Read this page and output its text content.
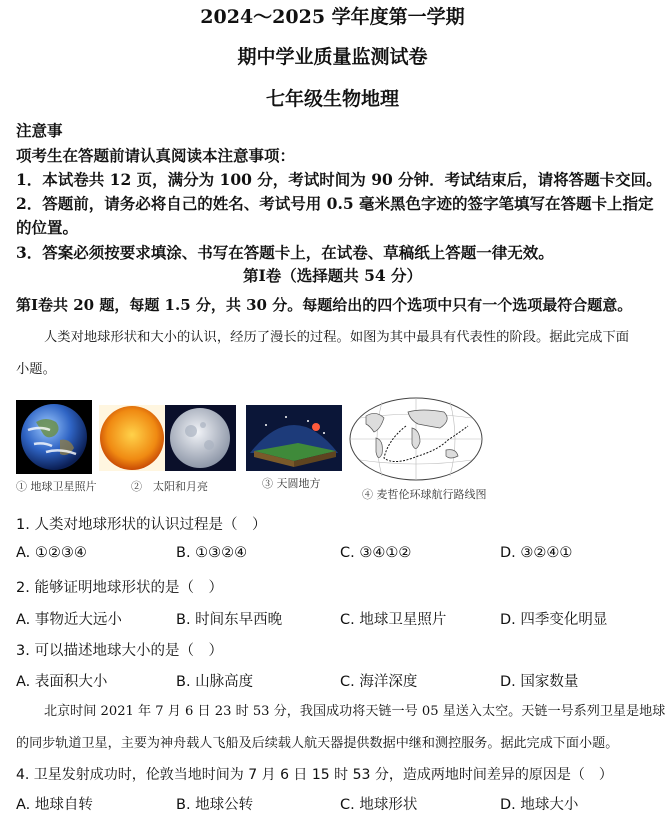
2024～2025 学年度第一学期
期中学业质量监测试卷
七年级生物地理
注意事
项考生在答题前请认真阅读本注意事项：
1．本试卷共 12 页，满分为 100 分，考试时间为 90 分钟．考试结束后，请将答题卡交回。
2．答题前，请务必将自己的姓名、考试号用 0.5 毫米黑色字迹的签字笔填写在答题卡上指定
的位置。
3．答案必须按要求填涂、书写在答题卡上，在试卷、草稿纸上答题一律无效。
第Ⅰ卷（选择题共 54 分）
第Ⅰ卷共 20 题，每题 1.5 分，共 30 分。每题给出的四个选项中只有一个选项最符合题意。
人类对地球形状和大小的认识，经历了漫长的过程。如图为其中最具有代表性的阶段。据此完成下面
小题。
① 地球卫星照片	②　太阳和月亮	③ 天圆地方
④ 麦哲伦环球航行路线图
1. 人类对地球形状的认识过程是（　）
A. ①②③④	B. ①③②④	C. ③④①②	D. ③②④①
2. 能够证明地球形状的是（　）
A. 事物近大远小	B. 时间东早西晚	C. 地球卫星照片	D. 四季变化明显
3. 可以描述地球大小的是（　）
A. 表面积大小	B. 山脉高度	C. 海洋深度	D. 国家数量
北京时间 2021 年 7 月 6 日 23 时 53 分，我国成功将天链一号 05 星送入太空。天链一号系列卫星是地球
的同步轨道卫星，主要为神舟载人飞船及后续载人航天器提供数据中继和测控服务。据此完成下面小题。
4. 卫星发射成功时，伦敦当地时间为 7 月 6 日 15 时 53 分，造成两地时间差异的原因是（　）
A. 地球自转	B. 地球公转	C. 地球形状	D. 地球大小
